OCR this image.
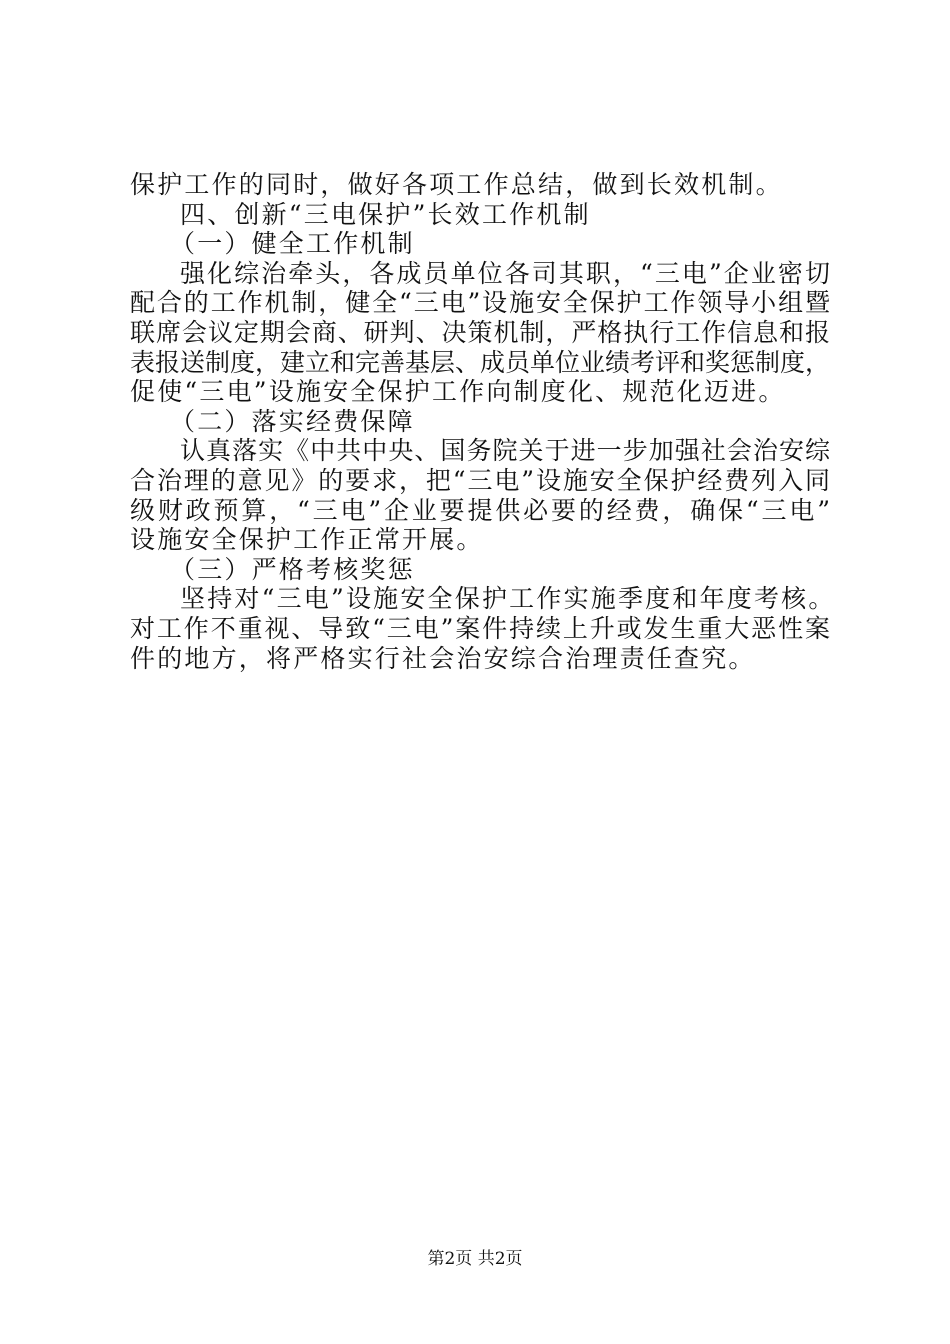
保护工作的同时，做好各项工作总结，做到长效机制。
四、创新“三电保护”长效工作机制
（一）健全工作机制
强化综治牵头，各成员单位各司其职，“三电”企业密切
配合的工作机制，健全“三电”设施安全保护工作领导小组暨
联席会议定期会商、研判、决策机制，严格执行工作信息和报
表报送制度，建立和完善基层、成员单位业绩考评和奖惩制度，
促使“三电”设施安全保护工作向制度化、规范化迈进。
（二）落实经费保障
认真落实《中共中央、国务院关于进一步加强社会治安综
合治理的意见》的要求，把“三电”设施安全保护经费列入同
级财政预算，“三电”企业要提供必要的经费，确保“三电”
设施安全保护工作正常开展。
（三）严格考核奖惩
坚持对“三电”设施安全保护工作实施季度和年度考核。
对工作不重视、导致“三电”案件持续上升或发生重大恶性案
件的地方，将严格实行社会治安综合治理责任查究。
第2页 共2页
